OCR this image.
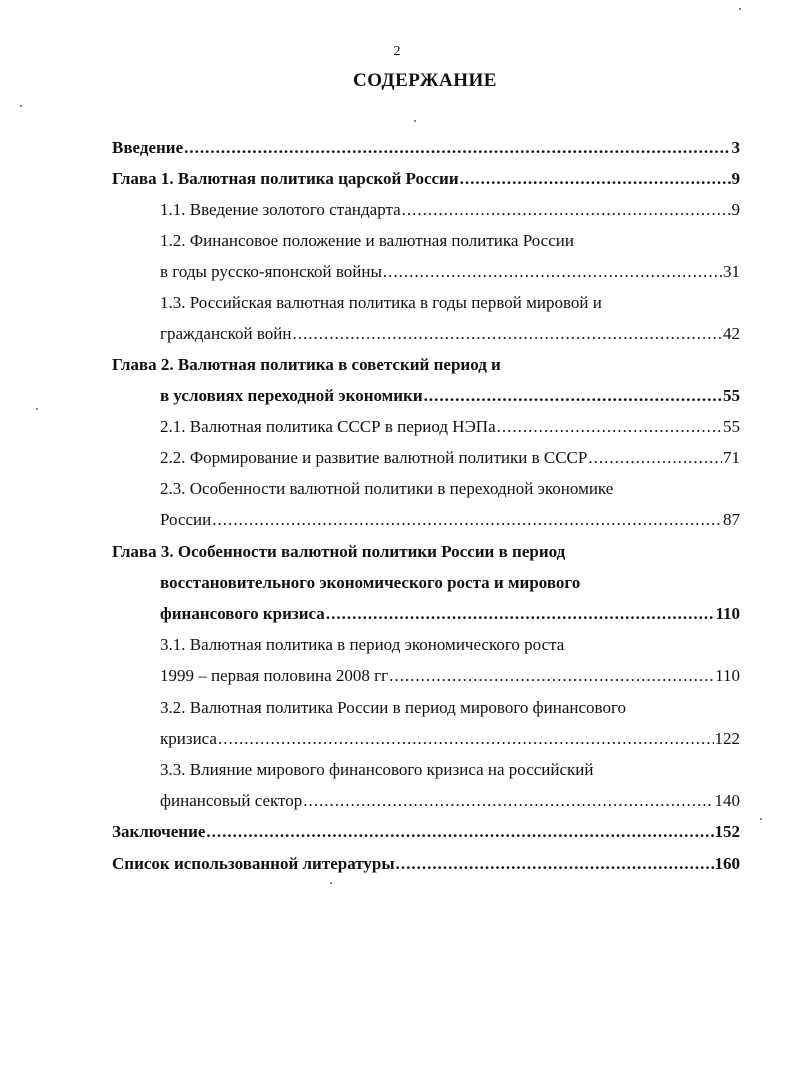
2
СОДЕРЖАНИЕ
Введение .....	3
Глава 1. Валютная политика царской России .....	9
1.1. Введение золотого стандарта .....	9
1.2. Финансовое положение и валютная политика России
в годы русско-японской войны .....	31
1.3. Российская валютная политика в годы первой мировой и
гражданской войн .....	42
Глава 2. Валютная политика в советский период и
в условиях переходной экономики .....	55
2.1. Валютная политика СССР в период НЭПа .....	55
2.2. Формирование и развитие валютной политики в СССР .....	71
2.3. Особенности валютной политики в переходной экономике
России .....	87
Глава 3. Особенности валютной политики России в период
восстановительного экономического роста и мирового
финансового кризиса .....	110
3.1. Валютная политика в период экономического роста
1999 – первая половина 2008 гг .....	110
3.2. Валютная политика России в период мирового финансового
кризиса .....	122
3.3. Влияние мирового финансового кризиса на российский
финансовый сектор .....	140
Заключение .....	152
Список использованной литературы .....	160
